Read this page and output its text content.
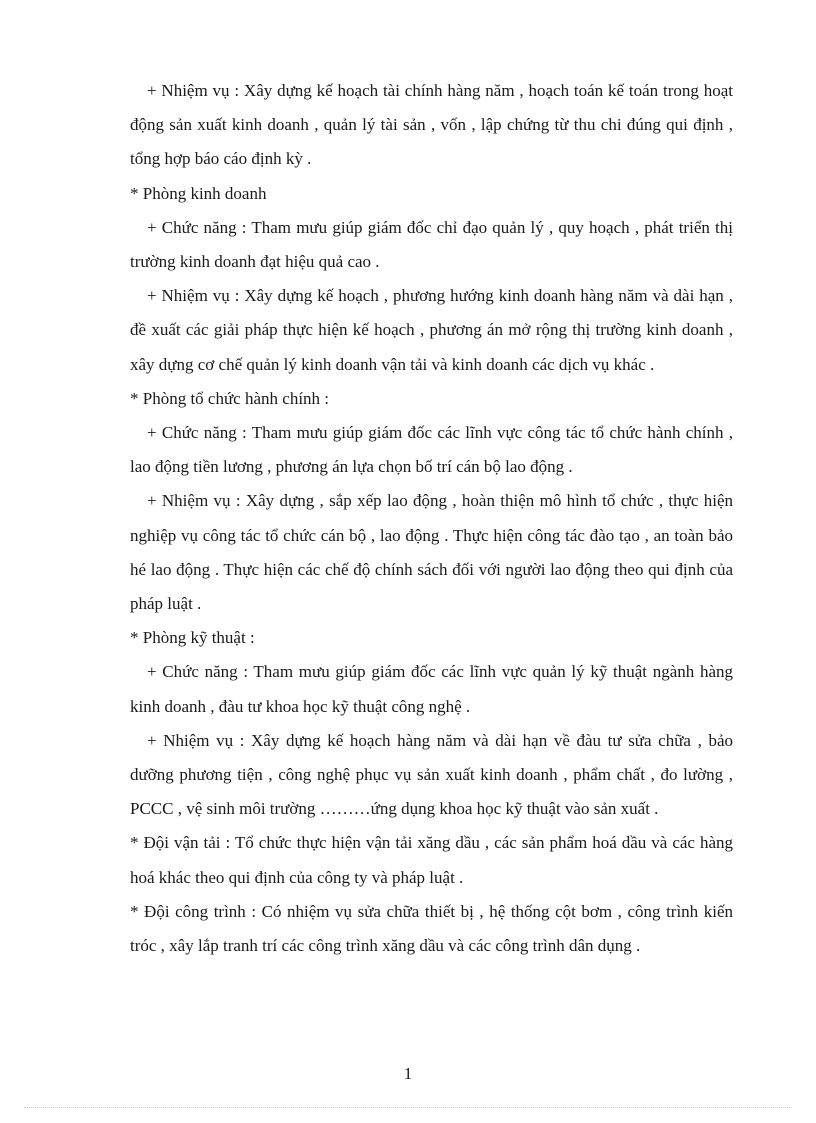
+ Nhiệm vụ : Xây dựng kế hoạch tài chính hàng năm , hoạch toán kế toán trong hoạt động sản xuất kinh doanh , quản lý tài sản , vốn , lập chứng từ thu chi đúng qui định , tổng hợp báo cáo định kỳ .

* Phòng kinh doanh

+ Chức năng : Tham mưu giúp giám đốc chỉ đạo quản lý , quy hoạch , phát triển thị trường kinh doanh đạt hiệu quả cao .

+ Nhiệm vụ : Xây dựng kế hoạch , phương hướng kinh doanh hàng năm và dài hạn , đề xuất các giải pháp thực hiện kế hoạch , phương án mở rộng thị trường kinh doanh , xây dựng cơ chế quản lý kinh doanh vận tải và kinh doanh các dịch vụ khác .

* Phòng tổ chức hành chính :

+ Chức năng : Tham mưu giúp giám đốc các lĩnh vực công tác tổ chức hành chính , lao động tiền lương , phương án lựa chọn bố trí cán bộ lao động .

+ Nhiệm vụ : Xây dựng , sắp xếp lao động , hoàn thiện mô hình tổ chức , thực hiện nghiệp vụ công tác tổ chức cán bộ , lao động . Thực hiện công tác đào tạo , an toàn bảo hé lao động . Thực hiện các chế độ chính sách đối với người lao động theo qui định của pháp luật .

* Phòng kỹ thuật :

+ Chức năng : Tham mưu giúp giám đốc các lĩnh vực quản lý kỹ thuật ngành hàng kinh doanh , đàu tư khoa học kỹ thuật công nghệ .

+ Nhiệm vụ : Xây dựng kế hoạch hàng năm và dài hạn về đàu tư sửa chữa , bảo dưỡng phương tiện , công nghệ phục vụ sản xuất kinh doanh , phẩm chất , đo lường , PCCC , vệ sinh môi trường ………ứng dụng khoa học kỹ thuật vào sản xuất .

* Đội vận tải : Tổ chức thực hiện vận tải xăng dầu , các sản phẩm hoá dầu và các hàng hoá khác theo qui định của công ty và pháp luật .

* Đội công trình : Có nhiệm vụ sửa chữa thiết bị , hệ thống cột bơm , công trình kiến tróc , xây lắp tranh trí các công trình xăng dầu và các công trình dân dụng .

1
